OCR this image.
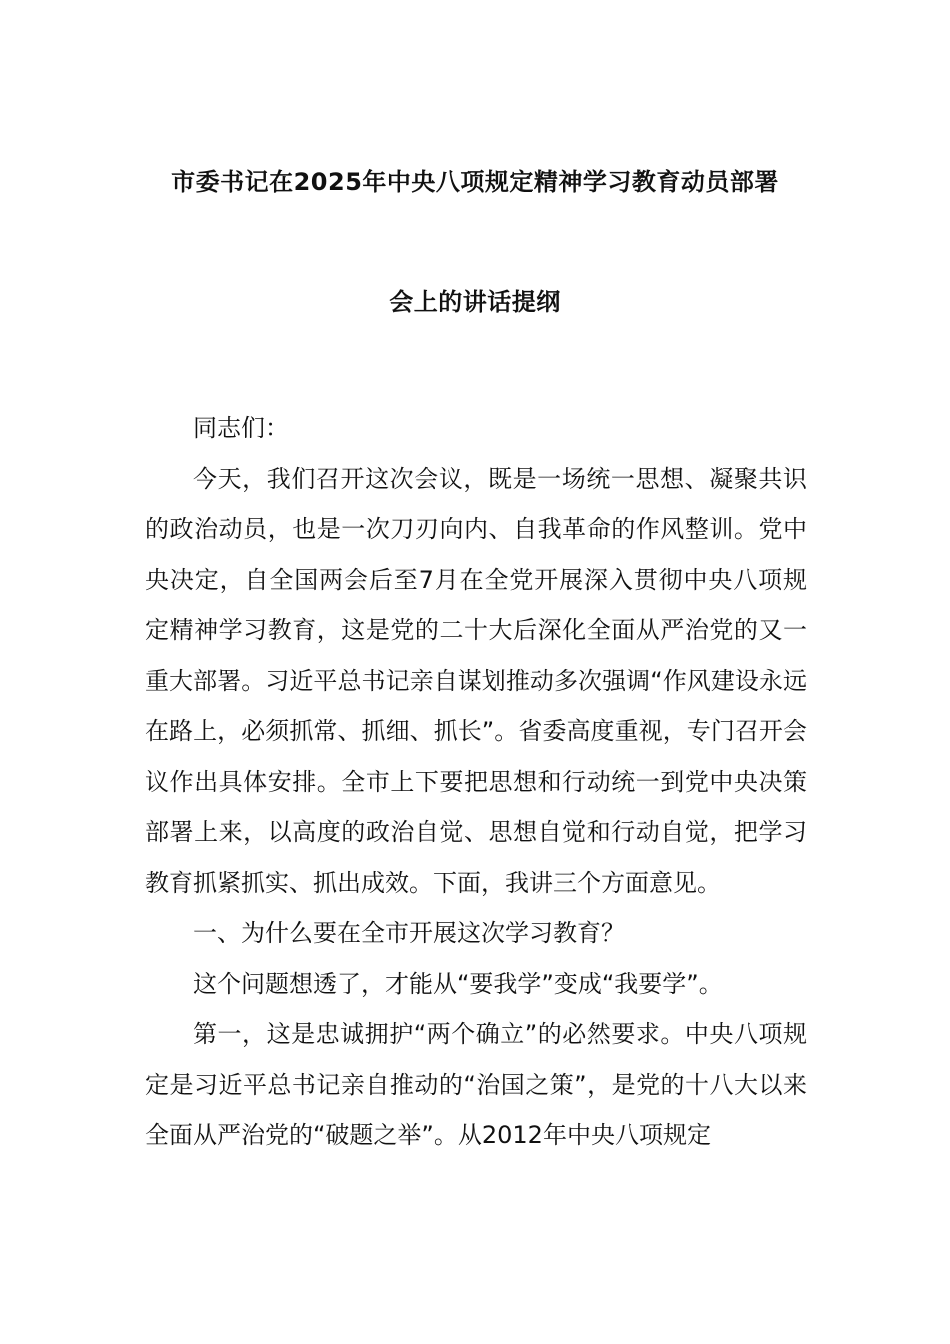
市委书记在2025年中央八项规定精神学习教育动员部署
会上的讲话提纲

同志们：

今天，我们召开这次会议，既是一场统一思想、凝聚共识的政治动员，也是一次刀刃向内、自我革命的作风整训。党中央决定，自全国两会后至7月在全党开展深入贯彻中央八项规定精神学习教育，这是党的二十大后深化全面从严治党的又一重大部署。习近平总书记亲自谋划推动多次强调“作风建设永远在路上，必须抓常、抓细、抓长”。省委高度重视，专门召开会议作出具体安排。全市上下要把思想和行动统一到党中央决策部署上来，以高度的政治自觉、思想自觉和行动自觉，把学习教育抓紧抓实、抓出成效。下面，我讲三个方面意见。

一、为什么要在全市开展这次学习教育？

这个问题想透了，才能从“要我学”变成“我要学”。

第一，这是忠诚拥护“两个确立”的必然要求。中央八项规定是习近平总书记亲自推动的“治国之策”，是党的十八大以来全面从严治党的“破题之举”。从2012年中央八项规定
